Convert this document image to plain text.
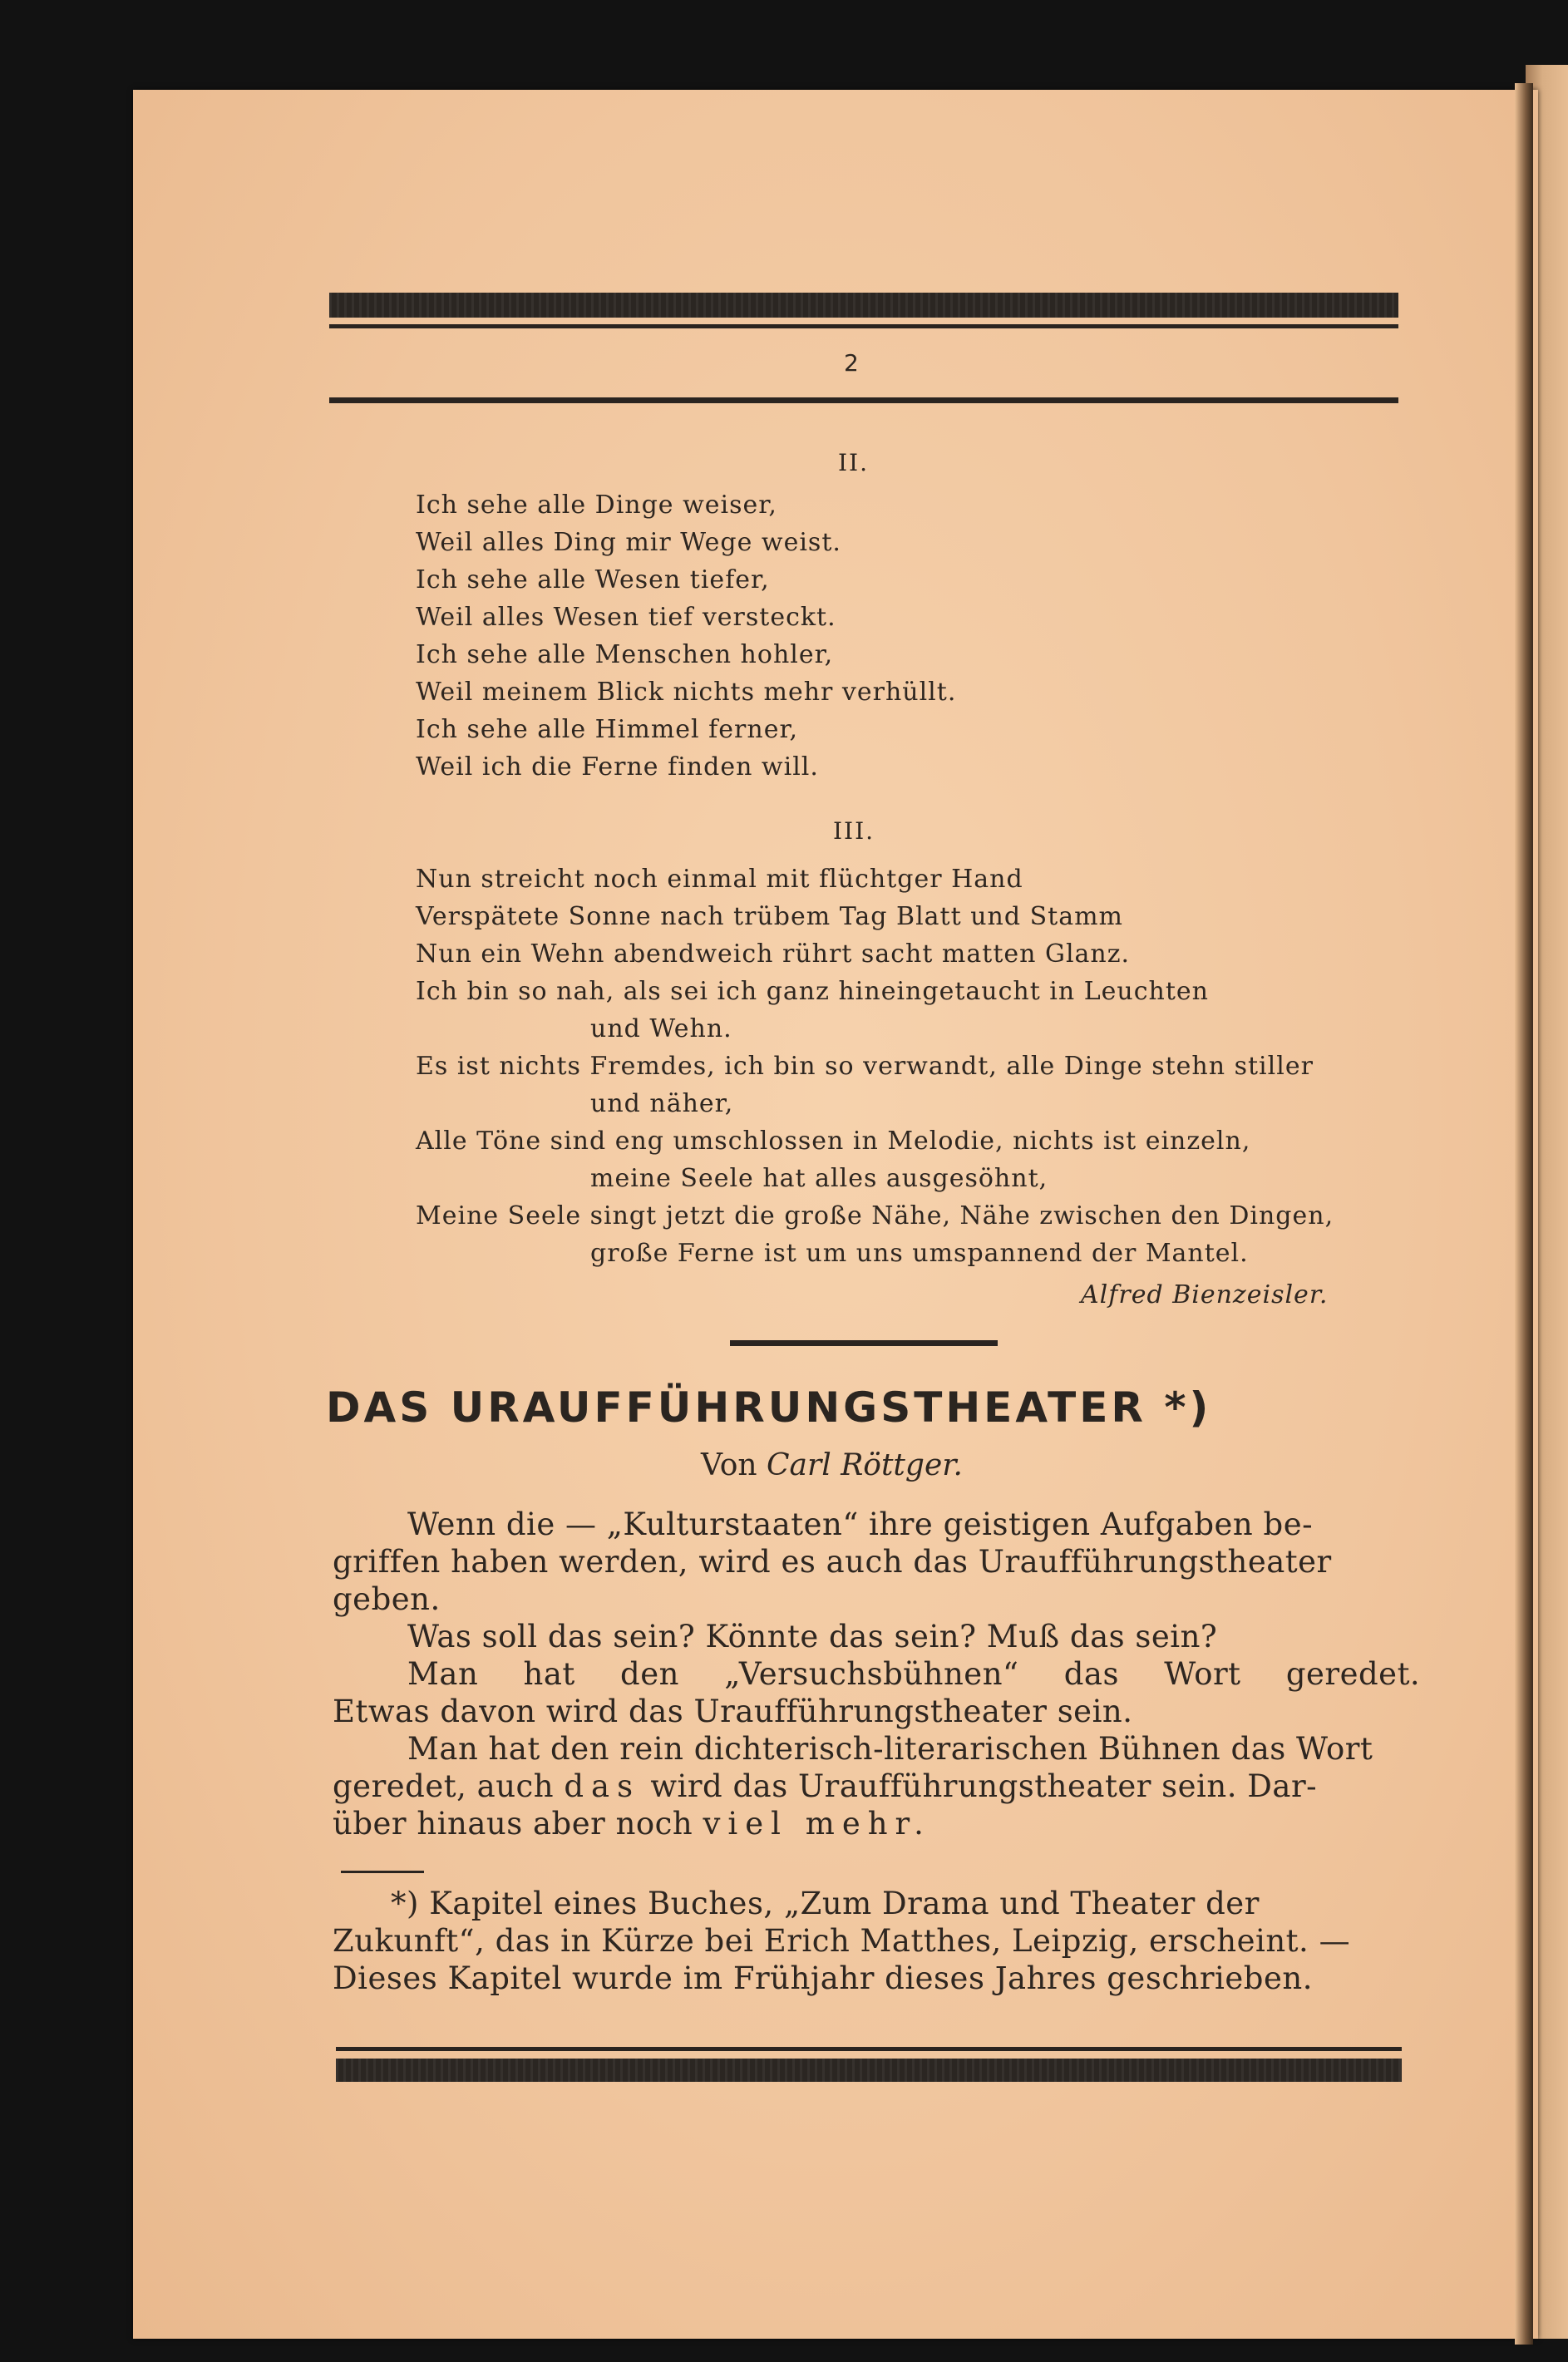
2
II.
Ich sehe alle Dinge weiser,
Weil alles Ding mir Wege weist.
Ich sehe alle Wesen tiefer,
Weil alles Wesen tief versteckt.
Ich sehe alle Menschen hohler,
Weil meinem Blick nichts mehr verhüllt.
Ich sehe alle Himmel ferner,
Weil ich die Ferne finden will.
III.
Nun streicht noch einmal mit flüchtger Hand
Verspätete Sonne nach trübem Tag Blatt und Stamm
Nun ein Wehn abendweich rührt sacht matten Glanz.
Ich bin so nah, als sei ich ganz hineingetaucht in Leuchten
und Wehn.
Es ist nichts Fremdes, ich bin so verwandt, alle Dinge stehn stiller
und näher,
Alle Töne sind eng umschlossen in Melodie, nichts ist einzeln,
meine Seele hat alles ausgesöhnt,
Meine Seele singt jetzt die große Nähe, Nähe zwischen den Dingen,
große Ferne ist um uns umspannend der Mantel.
Alfred Bienzeisler.
DAS URAUFFÜHRUNGSTHEATER *)
Von Carl Röttger.
Wenn die — „Kulturstaaten“ ihre geistigen Aufgaben be-
griffen haben werden, wird es auch das Uraufführungstheater
geben.
Was soll das sein? Könnte das sein? Muß das sein?
Man hat den „Versuchsbühnen“ das Wort geredet.
Etwas davon wird das Uraufführungstheater sein.
Man hat den rein dichterisch-literarischen Bühnen das Wort
geredet, auch das wird das Uraufführungstheater sein. Dar-
über hinaus aber noch viel mehr.
*) Kapitel eines Buches, „Zum Drama und Theater der
Zukunft“, das in Kürze bei Erich Matthes, Leipzig, erscheint. —
Dieses Kapitel wurde im Frühjahr dieses Jahres geschrieben.
